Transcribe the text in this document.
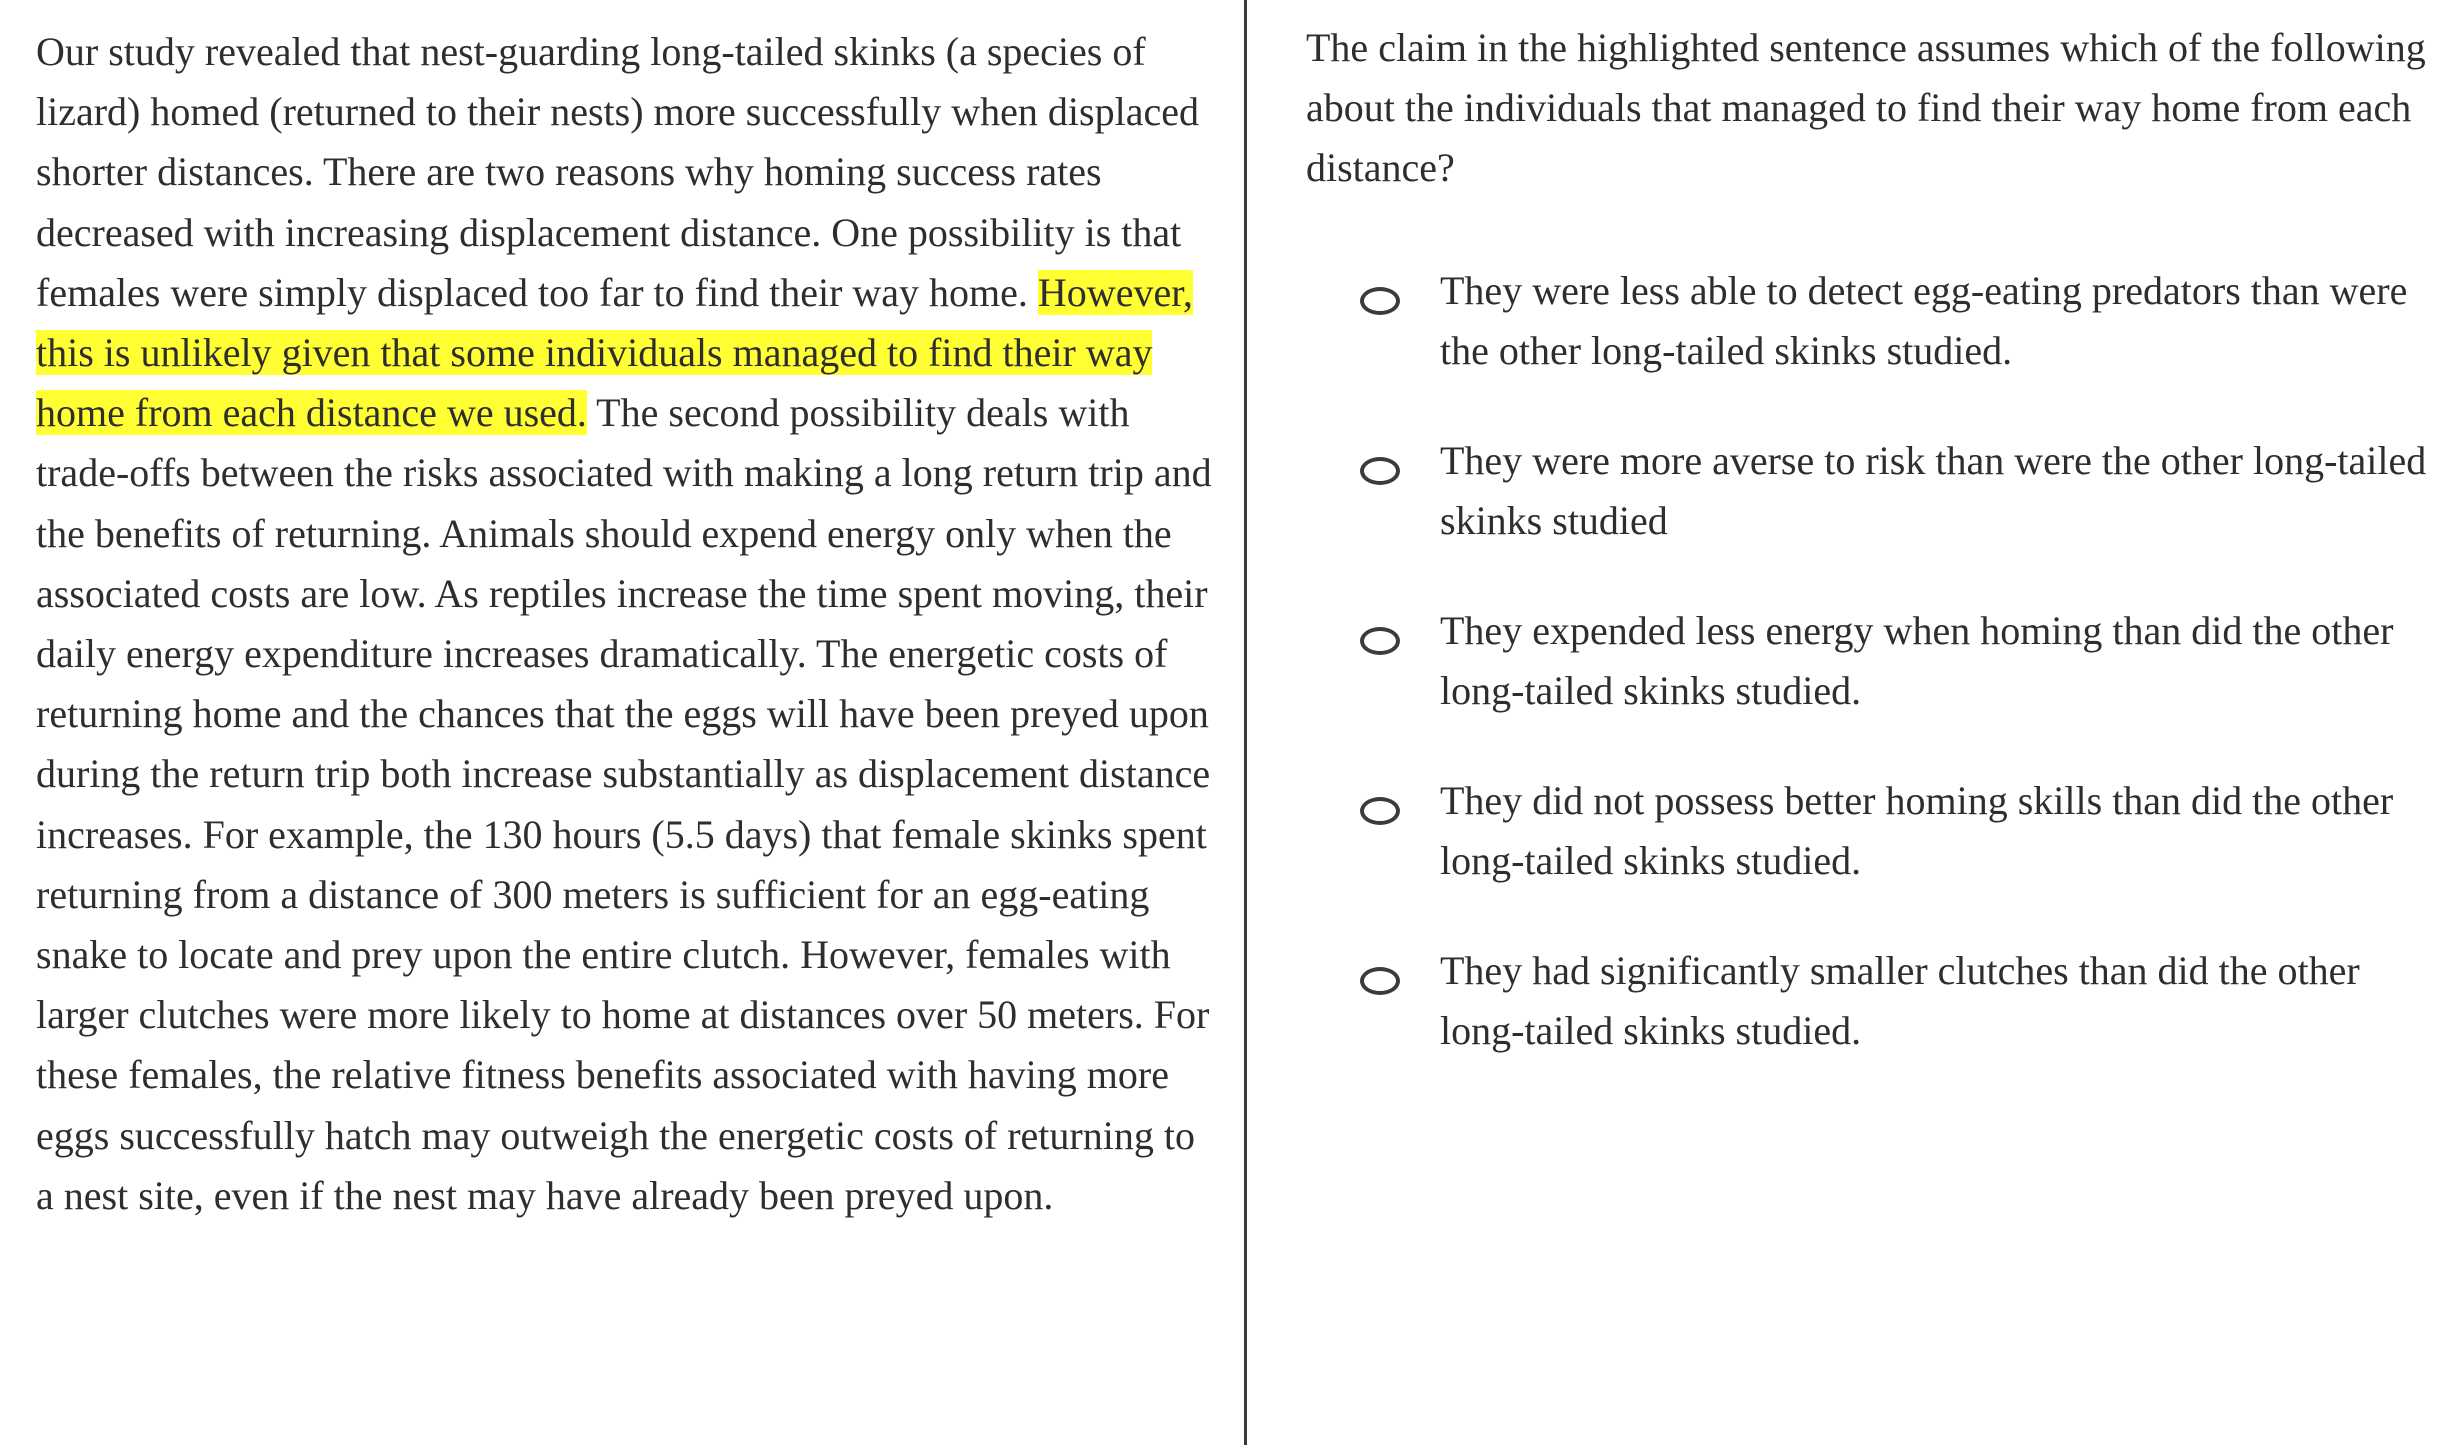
Our study revealed that nest-guarding long-tailed skinks (a species of lizard) homed (returned to their nests) more successfully when displaced shorter distances. There are two reasons why homing success rates decreased with increasing displacement distance. One possibility is that females were simply displaced too far to find their way home. However, this is unlikely given that some individuals managed to find their way home from each distance we used. The second possibility deals with trade-offs between the risks associated with making a long return trip and the benefits of returning. Animals should expend energy only when the associated costs are low. As reptiles increase the time spent moving, their daily energy expenditure increases dramatically. The energetic costs of returning home and the chances that the eggs will have been preyed upon during the return trip both increase substantially as displacement distance increases. For example, the 130 hours (5.5 days) that female skinks spent returning from a distance of 300 meters is sufficient for an egg-eating snake to locate and prey upon the entire clutch. However, females with larger clutches were more likely to home at distances over 50 meters. For these females, the relative fitness benefits associated with having more eggs successfully hatch may outweigh the energetic costs of returning to a nest site, even if the nest may have already been preyed upon.

The claim in the highlighted sentence assumes which of the following about the individuals that managed to find their way home from each distance?

They were less able to detect egg-eating predators than were the other long-tailed skinks studied.
They were more averse to risk than were the other long-tailed skinks studied
They expended less energy when homing than did the other long-tailed skinks studied.
They did not possess better homing skills than did the other long-tailed skinks studied.
They had significantly smaller clutches than did the other long-tailed skinks studied.
